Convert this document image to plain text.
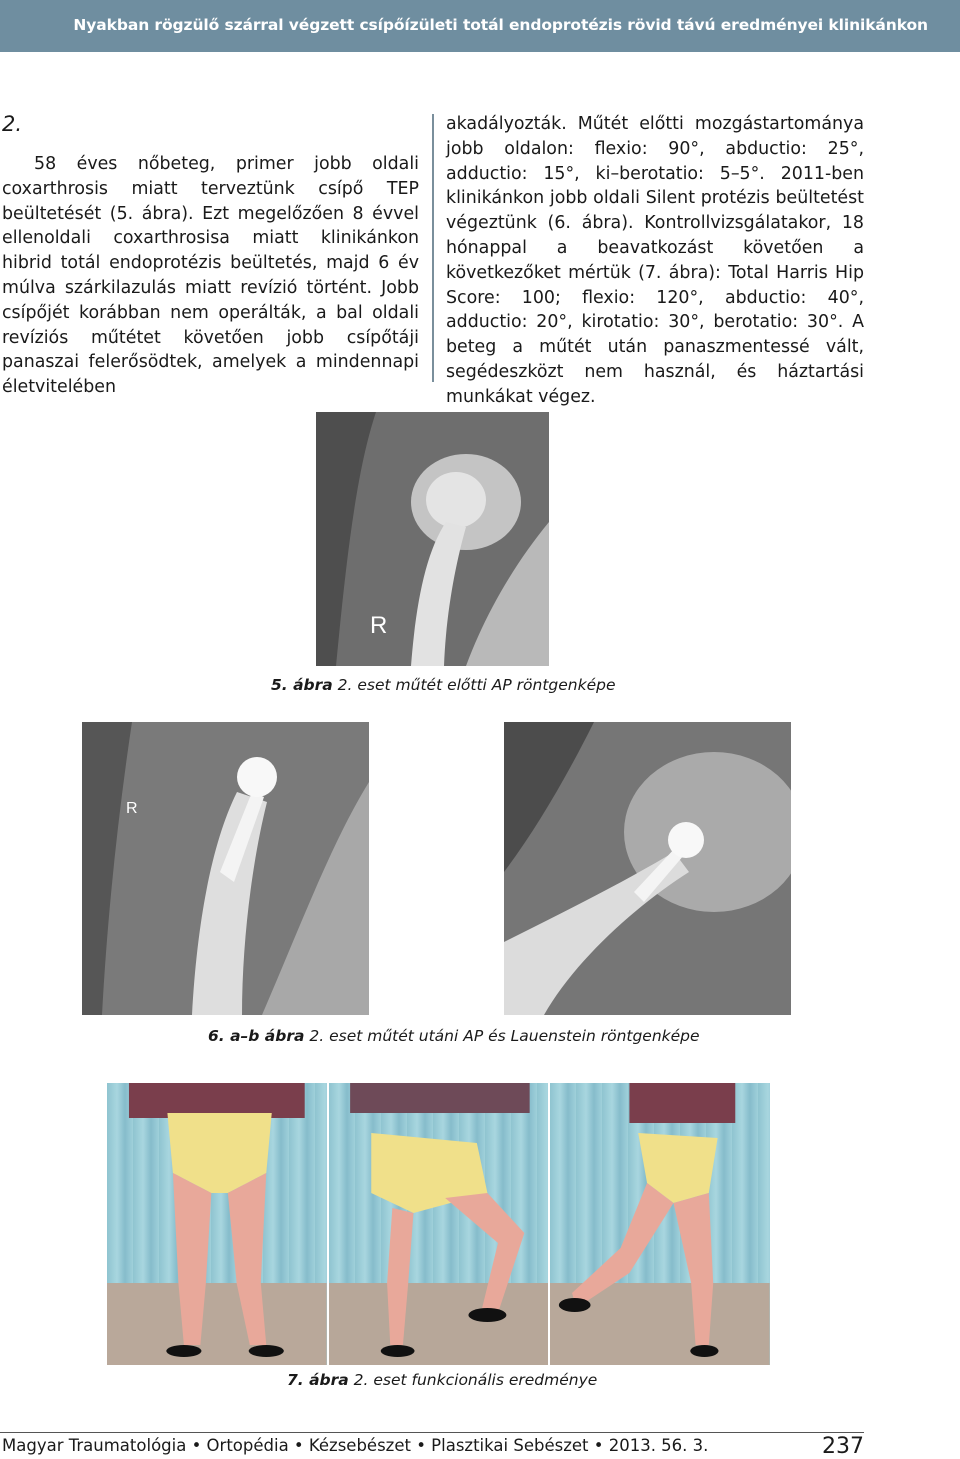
Nyakban rögzülő szárral végzett csípőízületi totál endoprotézis rövid távú eredményei klinikánkon

2.

58 éves nőbeteg, primer jobb oldali coxarthrosis miatt terveztünk csípő TEP beültetését (5. ábra). Ezt megelőzően 8 évvel ellenoldali coxarthrosisa miatt klinikánkon hibrid totál endoprotézis beültetés, majd 6 év múlva szárkilazulás miatt revízió történt. Jobb csípőjét korábban nem operálták, a bal oldali revíziós műtétet követően jobb csípőtáji panaszai felerősödtek, amelyek a mindennapi életvitelében

akadályozták. Műtét előtti mozgástartománya jobb oldalon: flexio: 90°, abductio: 25°, adductio: 15°, ki–berotatio: 5–5°. 2011-ben klinikánkon jobb oldali Silent protézis beültetést végeztünk (6. ábra). Kontrollvizsgálatakor, 18 hónappal a beavatkozást követően a következőket mértük (7. ábra): Total Harris Hip Score: 100; flexio: 120°, abductio: 40°, adductio: 20°, kirotatio: 30°, berotatio: 30°. A beteg a műtét után panaszmentessé vált, segédeszközt nem használ, és háztartási munkákat végez.

R
5. ábra 2. eset műtét előtti AP röntgenképe
R
6. a–b ábra 2. eset műtét utáni AP és Lauenstein röntgenképe
7. ábra 2. eset funkcionális eredménye
Magyar Traumatológia • Ortopédia • Kézsebészet • Plasztikai Sebészet • 2013. 56. 3.	237
